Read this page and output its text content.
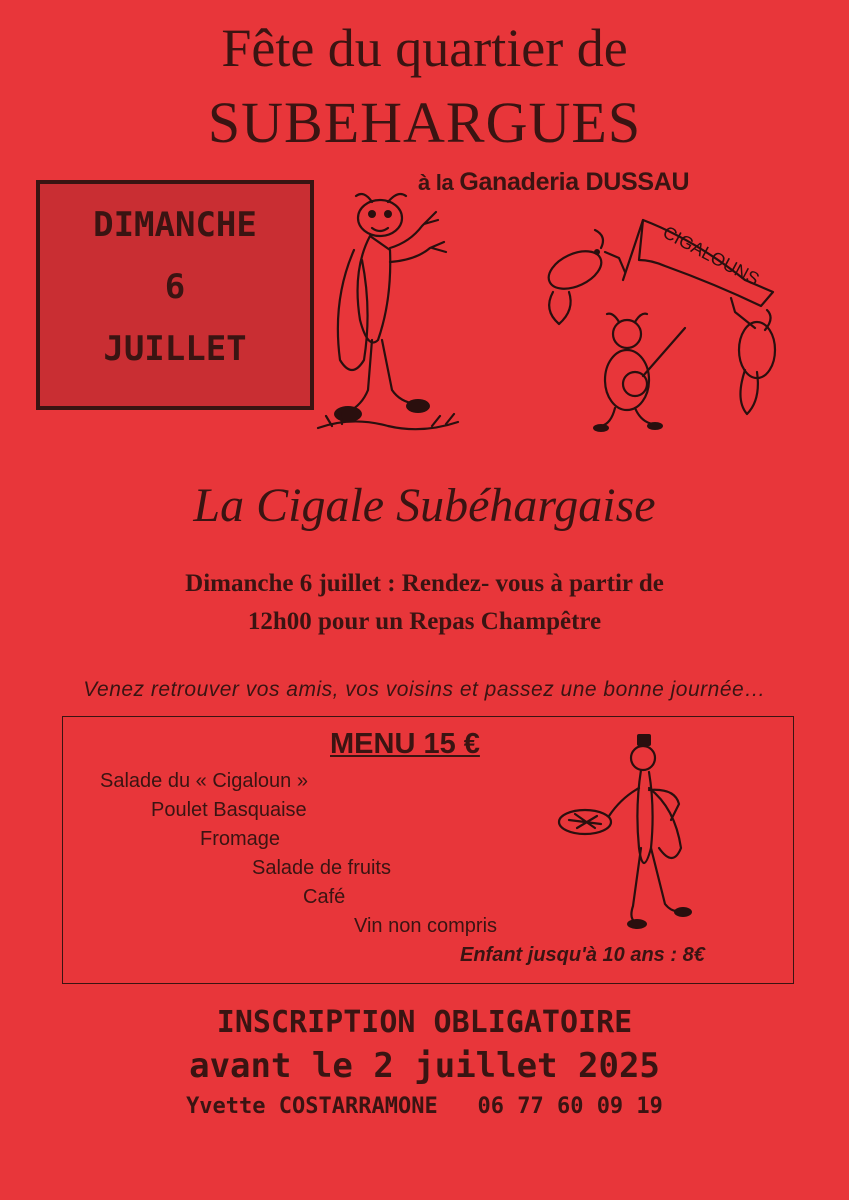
Fête du quartier de
SUBEHARGUES
DIMANCHE
6
JUILLET
à la Ganaderia DUSSAU
CIGALOUNS
La Cigale Subéhargaise
Dimanche 6 juillet : Rendez- vous à partir de
12h00 pour un Repas Champêtre
Venez retrouver vos amis, vos voisins et passez une bonne journée…
MENU 15 €
Salade du « Cigaloun »
Poulet Basquaise
Fromage
Salade de fruits
Café
Vin non compris
Enfant jusqu'à 10 ans : 8€
INSCRIPTION OBLIGATOIRE
avant le 2 juillet 2025
Yvette COSTARRAMONE 06 77 60 09 19
